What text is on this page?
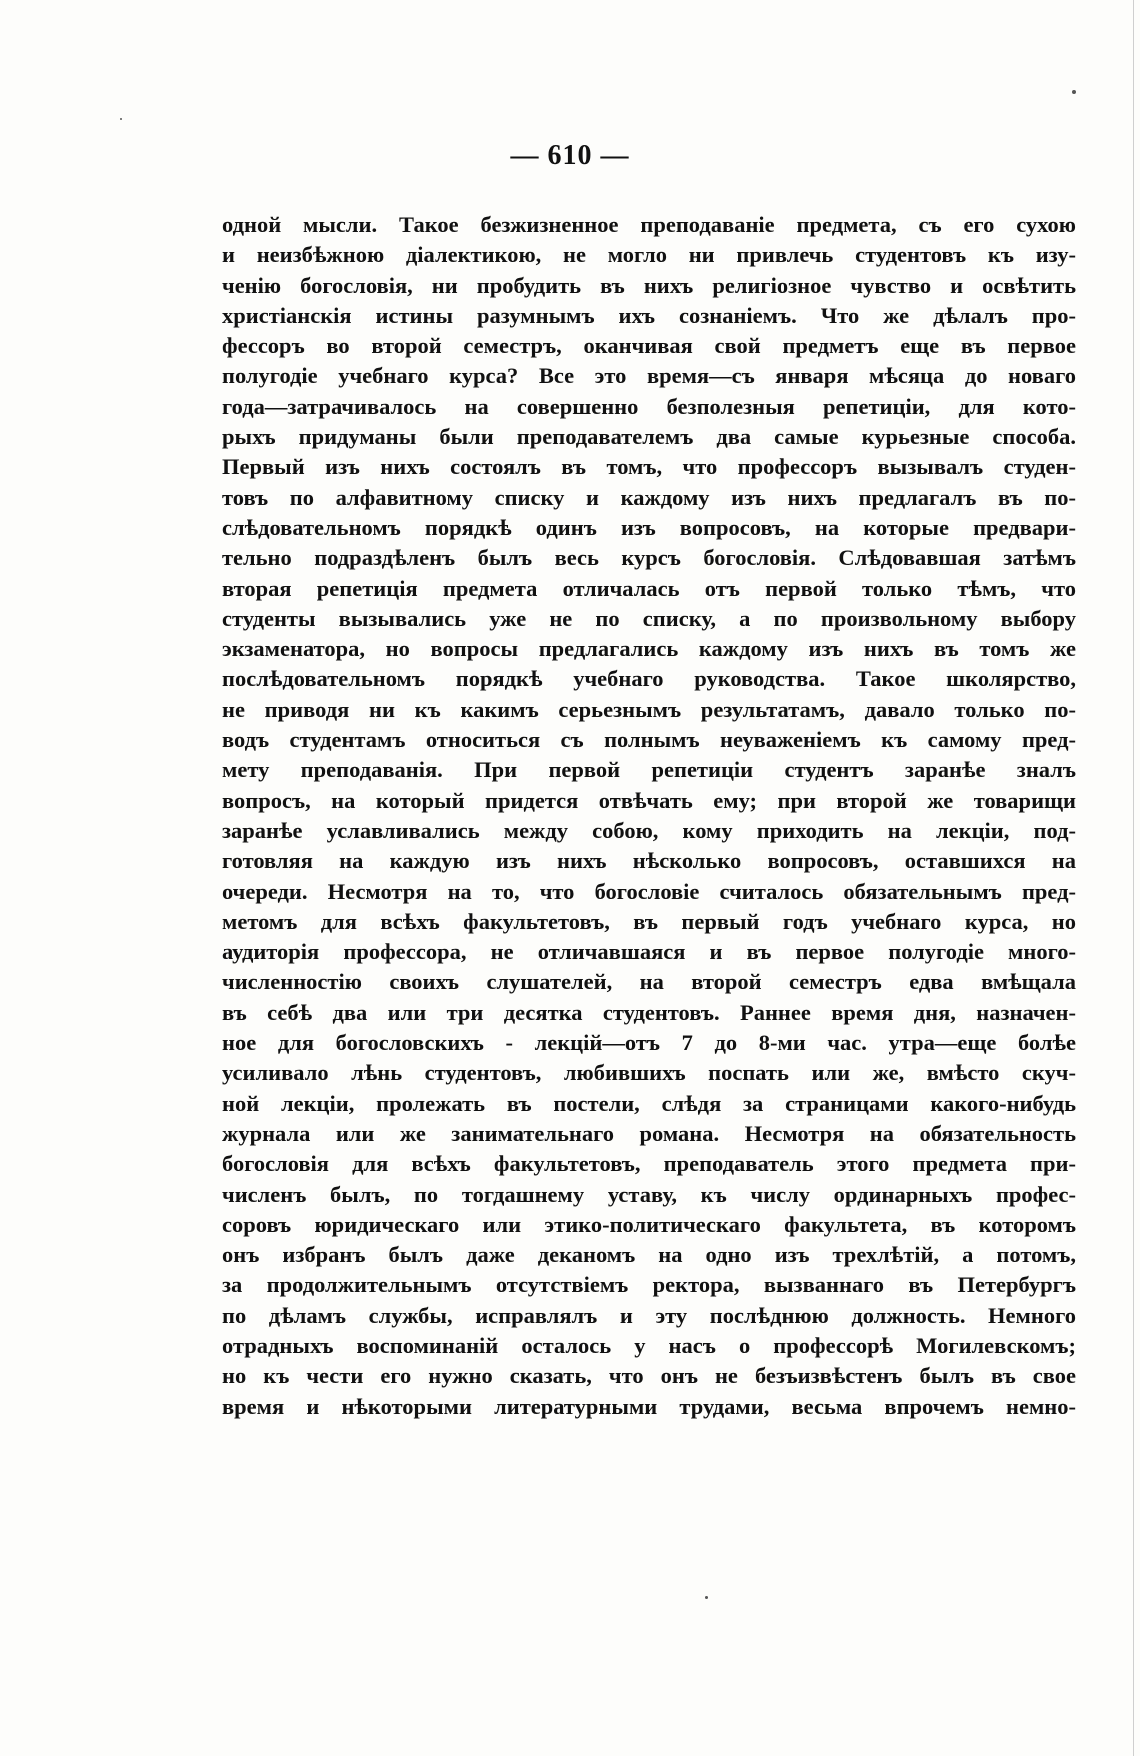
— 610 —
одной мысли. Такое безжизненное преподаваніе предмета, съ его сухою
и неизбѣжною діалектикою, не могло ни привлечь студентовъ къ изу-
ченію богословія, ни пробудить въ нихъ религіозное чувство и освѣтить
христіанскія истины разумнымъ ихъ сознаніемъ. Что же дѣлалъ про-
фессоръ во второй семестръ, оканчивая свой предметъ еще въ первое
полугодіе учебнаго курса? Все это время—съ января мѣсяца до новаго
года—затрачивалось на совершенно безполезныя репетиціи, для кото-
рыхъ придуманы были преподавателемъ два самые курьезные способа.
Первый изъ нихъ состоялъ въ томъ, что профессоръ вызывалъ студен-
товъ по алфавитному списку и каждому изъ нихъ предлагалъ въ по-
слѣдовательномъ порядкѣ одинъ изъ вопросовъ, на которые предвари-
тельно подраздѣленъ былъ весь курсъ богословія. Слѣдовавшая затѣмъ
вторая репетиція предмета отличалась отъ первой только тѣмъ, что
студенты вызывались уже не по списку, а по произвольному выбору
экзаменатора, но вопросы предлагались каждому изъ нихъ въ томъ же
послѣдовательномъ порядкѣ учебнаго руководства. Такое школярство,
не приводя ни къ какимъ серьезнымъ результатамъ, давало только по-
водъ студентамъ относиться съ полнымъ неуваженіемъ къ самому пред-
мету преподаванія. При первой репетиціи студентъ заранѣе зналъ
вопросъ, на который придется отвѣчать ему; при второй же товарищи
заранѣе уславливались между собою, кому приходить на лекціи, под-
готовляя на каждую изъ нихъ нѣсколько вопросовъ, оставшихся на
очереди. Несмотря на то, что богословіе считалось обязательнымъ пред-
метомъ для всѣхъ факультетовъ, въ первый годъ учебнаго курса, но
аудиторія профессора, не отличавшаяся и въ первое полугодіе много-
численностію своихъ слушателей, на второй семестръ едва вмѣщала
въ себѣ два или три десятка студентовъ. Раннее время дня, назначен-
ное для богословскихъ - лекцій—отъ 7 до 8-ми час. утра—еще болѣе
усиливало лѣнь студентовъ, любившихъ поспать или же, вмѣсто скуч-
ной лекціи, пролежать въ постели, слѣдя за страницами какого-нибудь
журнала или же занимательнаго романа. Несмотря на обязательность
богословія для всѣхъ факультетовъ, преподаватель этого предмета при-
численъ былъ, по тогдашнему уставу, къ числу ординарныхъ профес-
соровъ юридическаго или этико-политическаго факультета, въ которомъ
онъ избранъ былъ даже деканомъ на одно изъ трехлѣтій, а потомъ,
за продолжительнымъ отсутствіемъ ректора, вызваннаго въ Петербургъ
по дѣламъ службы, исправлялъ и эту послѣднюю должность. Немного
отрадныхъ воспоминаній осталось у насъ о профессорѣ Могилевскомъ;
но къ чести его нужно сказать, что онъ не безъизвѣстенъ былъ въ свое
время и нѣкоторыми литературными трудами, весьма впрочемъ немно-
